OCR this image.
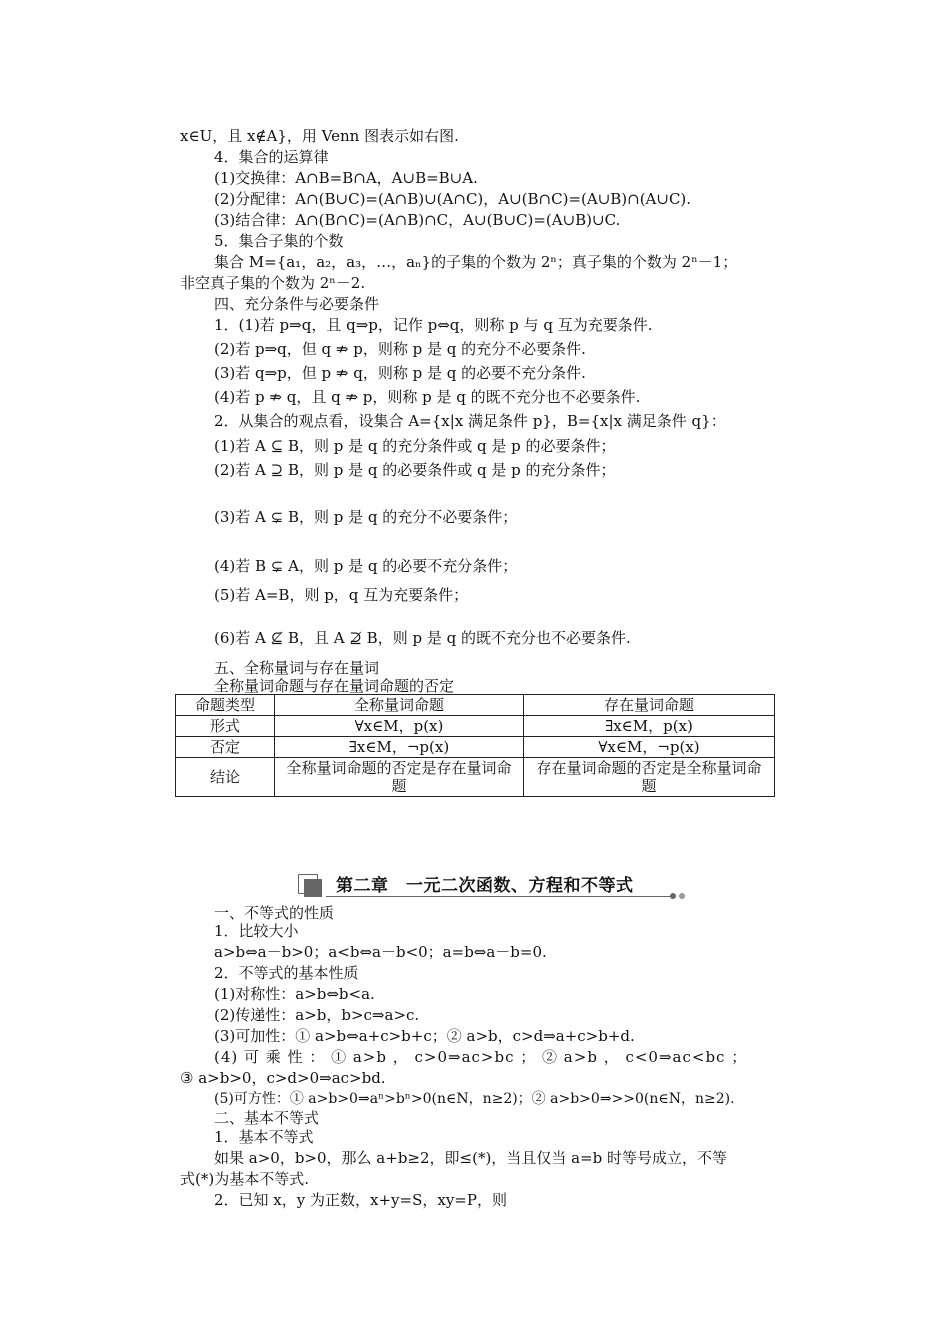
x∈U，且 x∉A}，用 Venn 图表示如右图.
4．集合的运算律
(1)交换律：A∩B=B∩A，A∪B=B∪A.
(2)分配律：A∩(B∪C)=(A∩B)∪(A∩C)，A∪(B∩C)=(A∪B)∩(A∪C).
(3)结合律：A∩(B∩C)=(A∩B)∩C，A∪(B∪C)=(A∪B)∪C.
5．集合子集的个数
集合 M={a₁，a₂，a₃，…，aₙ}的子集的个数为 2ⁿ；真子集的个数为 2ⁿ－1；
非空真子集的个数为 2ⁿ－2.
四、充分条件与必要条件
1．(1)若 p⇒q，且 q⇒p，记作 p⇔q，则称 p 与 q 互为充要条件.
(2)若 p⇒q，但 q ⇏ p，则称 p 是 q 的充分不必要条件.
(3)若 q⇒p，但 p ⇏ q，则称 p 是 q 的必要不充分条件.
(4)若 p ⇏ q，且 q ⇏ p，则称 p 是 q 的既不充分也不必要条件.
2．从集合的观点看，设集合 A={x|x 满足条件 p}，B={x|x 满足条件 q}：
(1)若 A ⊆ B，则 p 是 q 的充分条件或 q 是 p 的必要条件；
(2)若 A ⊇ B，则 p 是 q 的必要条件或 q 是 p 的充分条件；
(3)若 A ⊊ B，则 p 是 q 的充分不必要条件；
(4)若 B ⊊ A，则 p 是 q 的必要不充分条件；
(5)若 A=B，则 p，q 互为充要条件；
(6)若 A ⊈ B，且 A ⊉ B，则 p 是 q 的既不充分也不必要条件.
五、全称量词与存在量词
全称量词命题与存在量词命题的否定
命题类型	全称量词命题	存在量词命题
形式	∀x∈M，p(x)	∃x∈M，p(x)
否定	∃x∈M，¬p(x)	∀x∈M，¬p(x)
结论	全称量词命题的否定是存在量词命题	存在量词命题的否定是全称量词命题
第二章　一元二次函数、方程和不等式
一、不等式的性质
1．比较大小
a>b⇔a－b>0；a<b⇔a－b<0；a=b⇔a－b=0.
2．不等式的基本性质
(1)对称性：a>b⇔b<a.
(2)传递性：a>b，b>c⇒a>c.
(3)可加性：① a>b⇔a+c>b+c；② a>b，c>d⇒a+c>b+d.
(4) 可 乘 性 ： ① a>b ， c>0⇒ac>bc ； ② a>b ， c<0⇒ac<bc ；
③ a>b>0，c>d>0⇒ac>bd.
(5)可方性：① a>b>0⇒aⁿ>bⁿ>0(n∈N，n≥2)；② a>b>0⇒>>0(n∈N，n≥2).
二、基本不等式
1．基本不等式
如果 a>0，b>0，那么 a+b≥2，即≤(*)，当且仅当 a=b 时等号成立，不等
式(*)为基本不等式.
2．已知 x，y 为正数，x+y=S，xy=P，则
